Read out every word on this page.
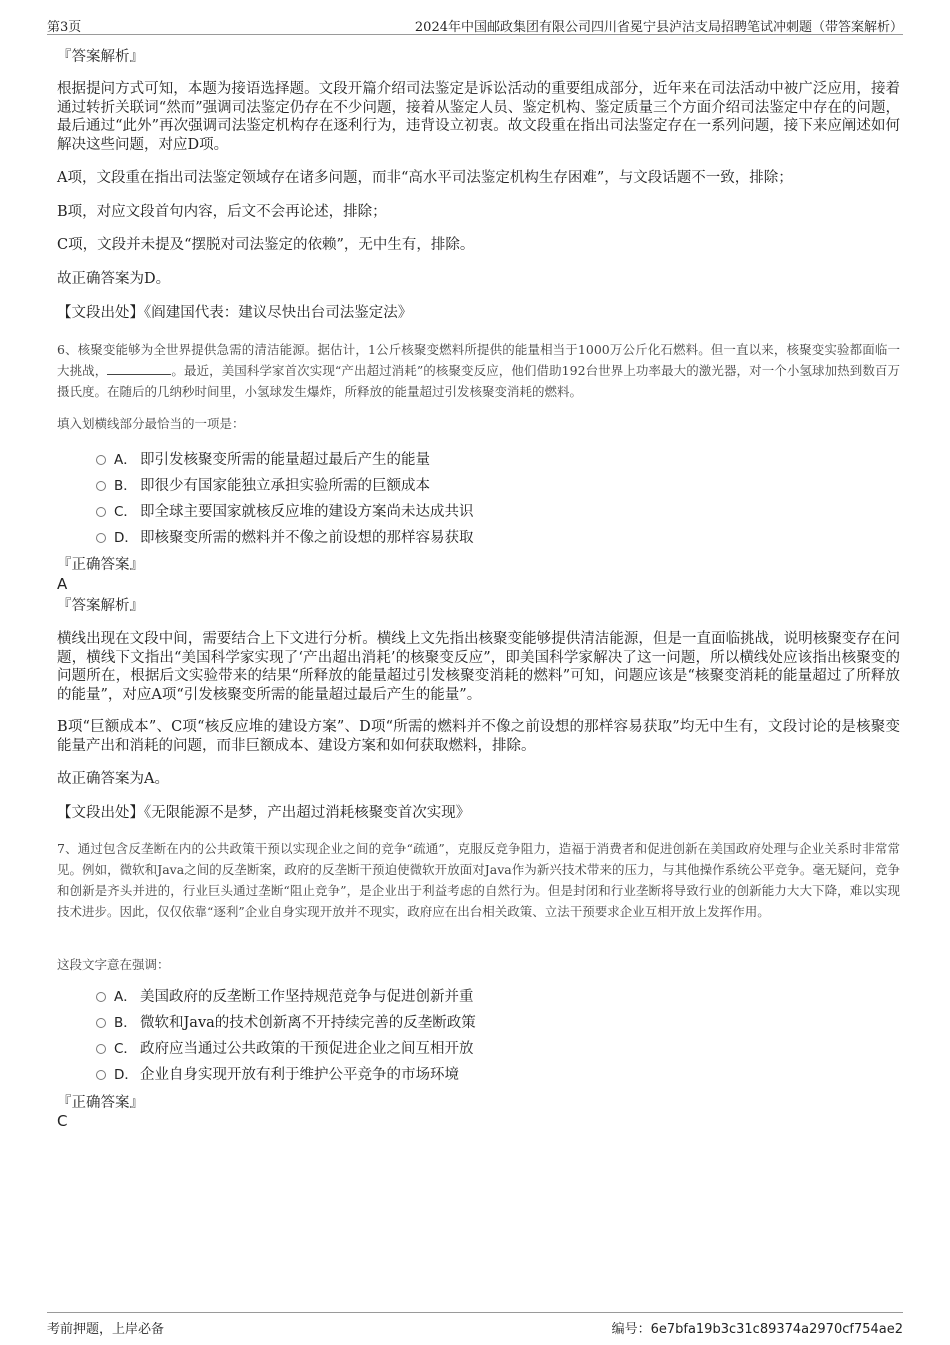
第3页	2024年中国邮政集团有限公司四川省冕宁县泸沽支局招聘笔试冲刺题（带答案解析）
『答案解析』

根据提问方式可知，本题为接语选择题。文段开篇介绍司法鉴定是诉讼活动的重要组成部分，近年来在司法活动中被广泛应用，接着通过转折关联词“然而”强调司法鉴定仍存在不少问题，接着从鉴定人员、鉴定机构、鉴定质量三个方面介绍司法鉴定中存在的问题，最后通过“此外”再次强调司法鉴定机构存在逐利行为，违背设立初衷。故文段重在指出司法鉴定存在一系列问题，接下来应阐述如何解决这些问题，对应D项。

A项，文段重在指出司法鉴定领域存在诸多问题，而非“高水平司法鉴定机构生存困难”，与文段话题不一致，排除；

B项，对应文段首句内容，后文不会再论述，排除；

C项，文段并未提及“摆脱对司法鉴定的依赖”，无中生有，排除。

故正确答案为D。

【文段出处】《阎建国代表：建议尽快出台司法鉴定法》

6、核聚变能够为全世界提供急需的清洁能源。据估计，1公斤核聚变燃料所提供的能量相当于1000万公斤化石燃料。但一直以来，核聚变实验都面临一大挑战，	。最近，美国科学家首次实现“产出超过消耗”的核聚变反应，他们借助192台世界上功率最大的激光器，对一个小氢球加热到数百万摄氏度。在随后的几纳秒时间里，小氢球发生爆炸，所释放的能量超过引发核聚变消耗的燃料。

填入划横线部分最恰当的一项是：
A． 即引发核聚变所需的能量超过最后产生的能量
B． 即很少有国家能独立承担实验所需的巨额成本
C． 即全球主要国家就核反应堆的建设方案尚未达成共识
D． 即核聚变所需的燃料并不像之前设想的那样容易获取
『正确答案』
A
『答案解析』

横线出现在文段中间，需要结合上下文进行分析。横线上文先指出核聚变能够提供清洁能源，但是一直面临挑战，说明核聚变存在问题，横线下文指出“美国科学家实现了‘产出超出消耗’的核聚变反应”，即美国科学家解决了这一问题，所以横线处应该指出核聚变的问题所在，根据后文实验带来的结果“所释放的能量超过引发核聚变消耗的燃料”可知，问题应该是“核聚变消耗的能量超过了所释放的能量”，对应A项“引发核聚变所需的能量超过最后产生的能量”。

B项“巨额成本”、C项“核反应堆的建设方案”、D项“所需的燃料并不像之前设想的那样容易获取”均无中生有，文段讨论的是核聚变能量产出和消耗的问题，而非巨额成本、建设方案和如何获取燃料，排除。

故正确答案为A。

【文段出处】《无限能源不是梦，产出超过消耗核聚变首次实现》

7、通过包含反垄断在内的公共政策干预以实现企业之间的竞争“疏通”，克服反竞争阻力，造福于消费者和促进创新在美国政府处理与企业关系时非常常见。例如，微软和Java之间的反垄断案，政府的反垄断干预迫使微软开放面对Java作为新兴技术带来的压力，与其他操作系统公平竞争。毫无疑问，竞争和创新是齐头并进的，行业巨头通过垄断“阻止竞争”，是企业出于利益考虑的自然行为。但是封闭和行业垄断将导致行业的创新能力大大下降，难以实现技术进步。因此，仅仅依靠“逐利”企业自身实现开放并不现实，政府应在出台相关政策、立法干预要求企业互相开放上发挥作用。

这段文字意在强调：
A． 美国政府的反垄断工作坚持规范竞争与促进创新并重
B． 微软和Java的技术创新离不开持续完善的反垄断政策
C． 政府应当通过公共政策的干预促进企业之间互相开放
D． 企业自身实现开放有利于维护公平竞争的市场环境
『正确答案』
C
考前押题，上岸必备	编号：6e7bfa19b3c31c89374a2970cf754ae2
